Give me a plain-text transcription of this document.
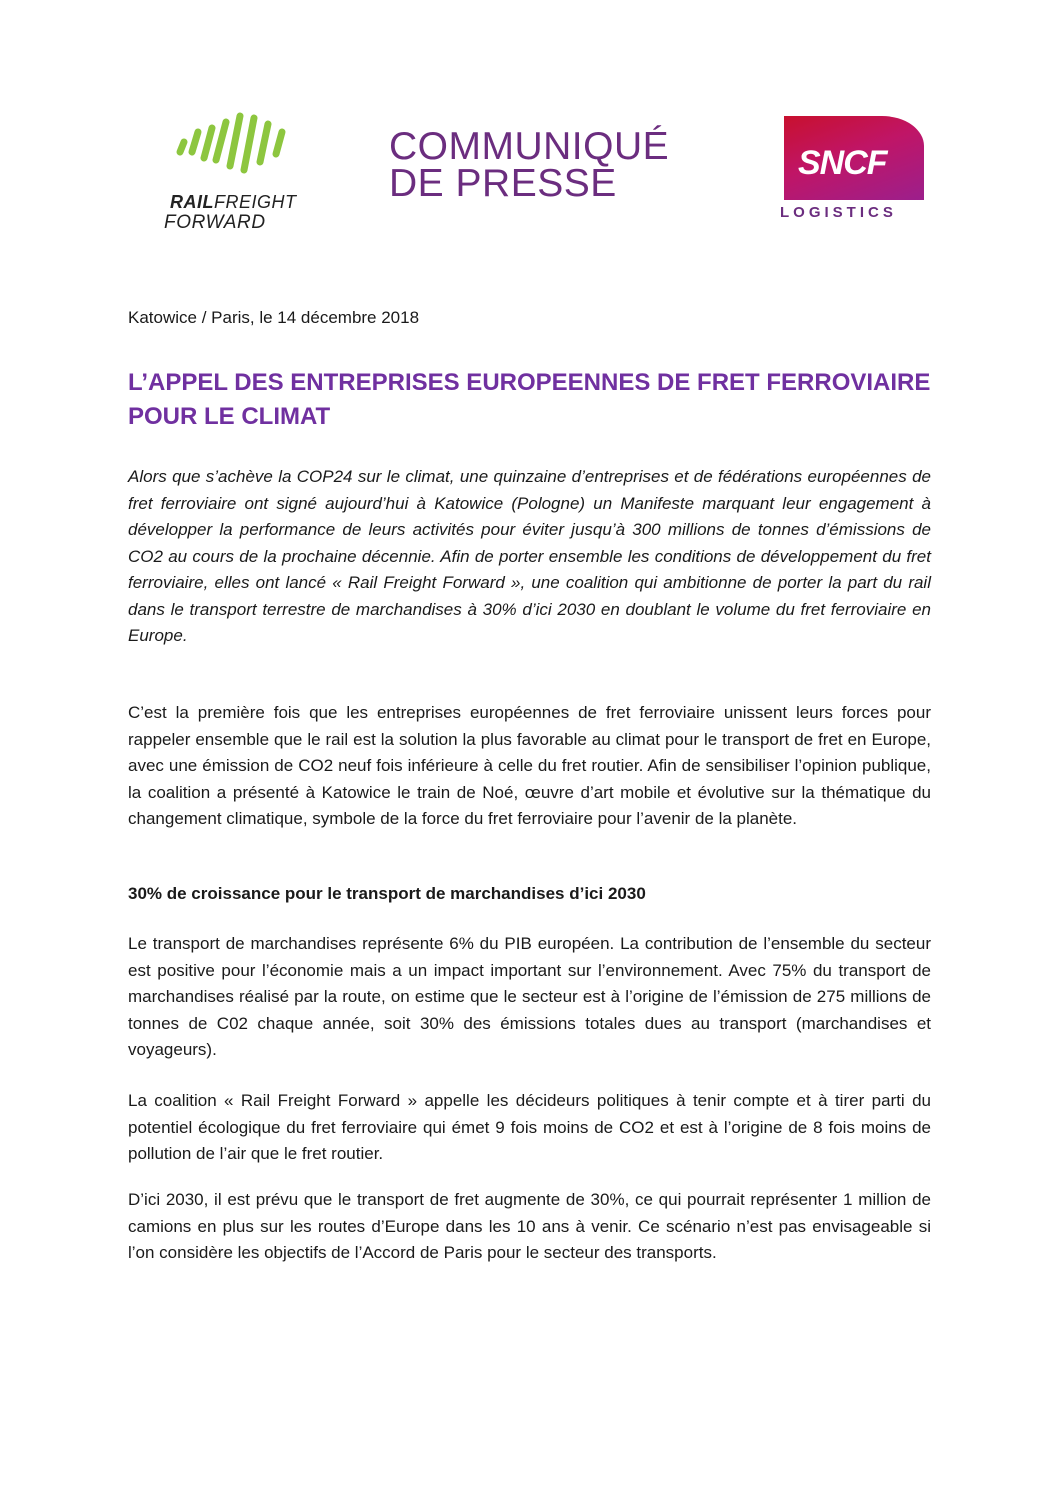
RAILFREIGHT
FORWARD
COMMUNIQUÉ
DE PRESSE	SNCF
LOGISTICS
Katowice / Paris, le 14 décembre 2018
L’APPEL DES ENTREPRISES EUROPEENNES DE FRET FERROVIAIRE POUR LE CLIMAT

Alors que s’achève la COP24 sur le climat, une quinzaine d’entreprises et de fédérations européennes de fret ferroviaire ont signé aujourd’hui à Katowice (Pologne) un Manifeste marquant leur engagement à développer la performance de leurs activités pour éviter jusqu’à 300 millions de tonnes d’émissions de CO2 au cours de la prochaine décennie. Afin de porter ensemble les conditions de développement du fret ferroviaire, elles ont lancé « Rail Freight Forward », une coalition qui ambitionne de porter la part du rail dans le transport terrestre de marchandises à 30% d’ici 2030 en doublant le volume du fret ferroviaire en Europe.

C’est la première fois que les entreprises européennes de fret ferroviaire unissent leurs forces pour rappeler ensemble que le rail est la solution la plus favorable au climat pour le transport de fret en Europe, avec une émission de CO2 neuf fois inférieure à celle du fret routier. Afin de sensibiliser l’opinion publique, la coalition a présenté à Katowice le train de Noé, œuvre d’art mobile et évolutive sur la thématique du changement climatique, symbole de la force du fret ferroviaire pour l’avenir de la planète.

30% de croissance pour le transport de marchandises d’ici 2030

Le transport de marchandises représente 6% du PIB européen. La contribution de l’ensemble du secteur est positive pour l’économie mais a un impact important sur l’environnement. Avec 75% du transport de marchandises réalisé par la route, on estime que le secteur est à l’origine de l’émission de 275 millions de tonnes de C02 chaque année, soit 30% des émissions totales dues au transport (marchandises et voyageurs).

La coalition « Rail Freight Forward » appelle les décideurs politiques à tenir compte et à tirer parti du potentiel écologique du fret ferroviaire qui émet 9 fois moins de CO2 et est à l’origine de 8 fois moins de pollution de l’air que le fret routier.

D’ici 2030, il est prévu que le transport de fret augmente de 30%, ce qui pourrait représenter 1 million de camions en plus sur les routes d’Europe dans les 10 ans à venir. Ce scénario n’est pas envisageable si l’on considère les objectifs de l’Accord de Paris pour le secteur des transports.
